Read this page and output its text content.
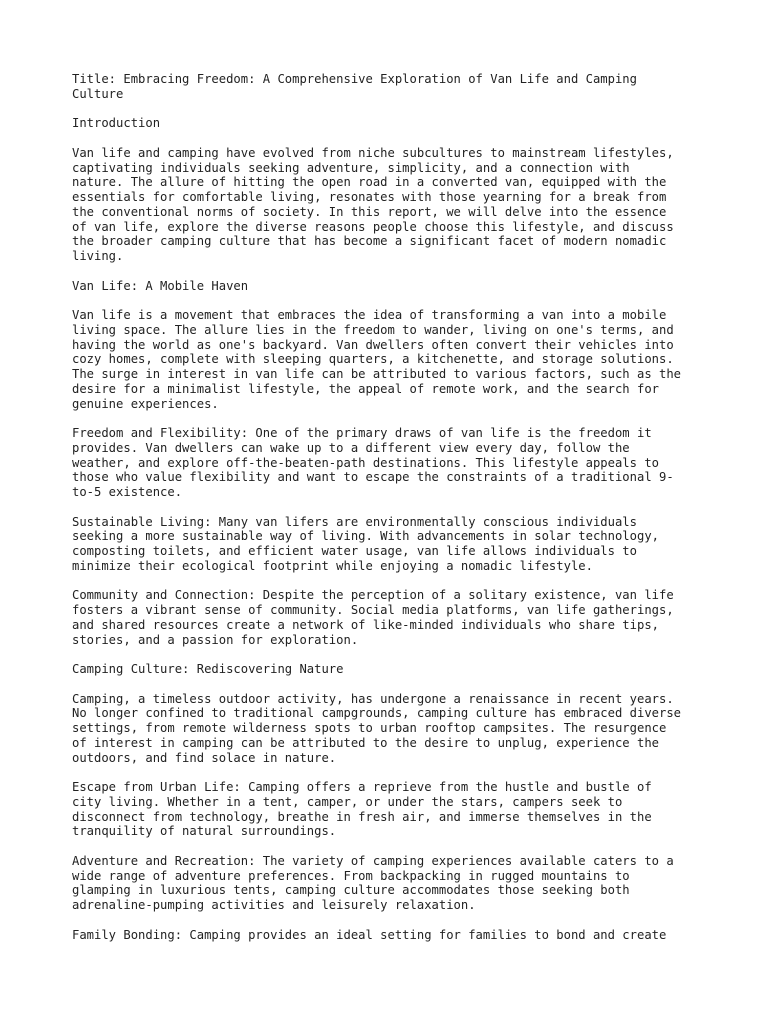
Title: Embracing Freedom: A Comprehensive Exploration of Van Life and Camping
Culture

Introduction

Van life and camping have evolved from niche subcultures to mainstream lifestyles,
captivating individuals seeking adventure, simplicity, and a connection with
nature. The allure of hitting the open road in a converted van, equipped with the
essentials for comfortable living, resonates with those yearning for a break from
the conventional norms of society. In this report, we will delve into the essence
of van life, explore the diverse reasons people choose this lifestyle, and discuss
the broader camping culture that has become a significant facet of modern nomadic
living.

Van Life: A Mobile Haven

Van life is a movement that embraces the idea of transforming a van into a mobile
living space. The allure lies in the freedom to wander, living on one's terms, and
having the world as one's backyard. Van dwellers often convert their vehicles into
cozy homes, complete with sleeping quarters, a kitchenette, and storage solutions.
The surge in interest in van life can be attributed to various factors, such as the
desire for a minimalist lifestyle, the appeal of remote work, and the search for
genuine experiences.

Freedom and Flexibility: One of the primary draws of van life is the freedom it
provides. Van dwellers can wake up to a different view every day, follow the
weather, and explore off-the-beaten-path destinations. This lifestyle appeals to
those who value flexibility and want to escape the constraints of a traditional 9-
to-5 existence.

Sustainable Living: Many van lifers are environmentally conscious individuals
seeking a more sustainable way of living. With advancements in solar technology,
composting toilets, and efficient water usage, van life allows individuals to
minimize their ecological footprint while enjoying a nomadic lifestyle.

Community and Connection: Despite the perception of a solitary existence, van life
fosters a vibrant sense of community. Social media platforms, van life gatherings,
and shared resources create a network of like-minded individuals who share tips,
stories, and a passion for exploration.

Camping Culture: Rediscovering Nature

Camping, a timeless outdoor activity, has undergone a renaissance in recent years.
No longer confined to traditional campgrounds, camping culture has embraced diverse
settings, from remote wilderness spots to urban rooftop campsites. The resurgence
of interest in camping can be attributed to the desire to unplug, experience the
outdoors, and find solace in nature.

Escape from Urban Life: Camping offers a reprieve from the hustle and bustle of
city living. Whether in a tent, camper, or under the stars, campers seek to
disconnect from technology, breathe in fresh air, and immerse themselves in the
tranquility of natural surroundings.

Adventure and Recreation: The variety of camping experiences available caters to a
wide range of adventure preferences. From backpacking in rugged mountains to
glamping in luxurious tents, camping culture accommodates those seeking both
adrenaline-pumping activities and leisurely relaxation.

Family Bonding: Camping provides an ideal setting for families to bond and create
